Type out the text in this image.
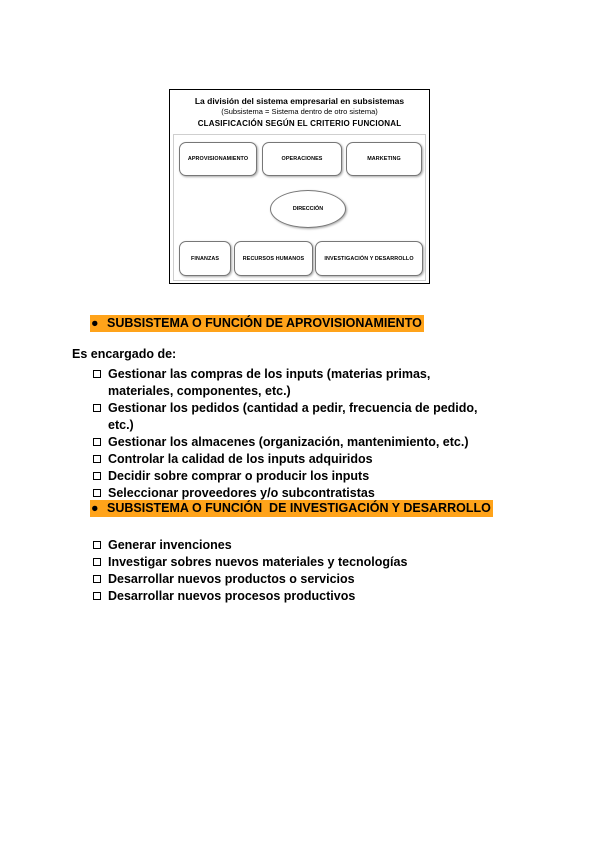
La división del sistema empresarial en subsistemas
(Subsistema = Sistema dentro de otro sistema)
CLASIFICACIÓN SEGÚN EL CRITERIO FUNCIONAL
APROVISIONAMIENTO	OPERACIONES	MARKETING
DIRECCIÓN
FINANZAS	RECURSOS HUMANOS	INVESTIGACIÓN Y DESARROLLO
● SUBSISTEMA O FUNCIÓN DE APROVISIONAMIENTO
Es encargado de:
Gestionar las compras de los inputs (materias primas, materiales, componentes, etc.)
Gestionar los pedidos (cantidad a pedir, frecuencia de pedido, etc.)
Gestionar los almacenes (organización, mantenimiento, etc.)
Controlar la calidad de los inputs adquiridos
Decidir sobre comprar o producir los inputs
Seleccionar proveedores y/o subcontratistas
● SUBSISTEMA O FUNCIÓN  DE INVESTIGACIÓN Y DESARROLLO
Generar invenciones
Investigar sobres nuevos materiales y tecnologías
Desarrollar nuevos productos o servicios
Desarrollar nuevos procesos productivos
